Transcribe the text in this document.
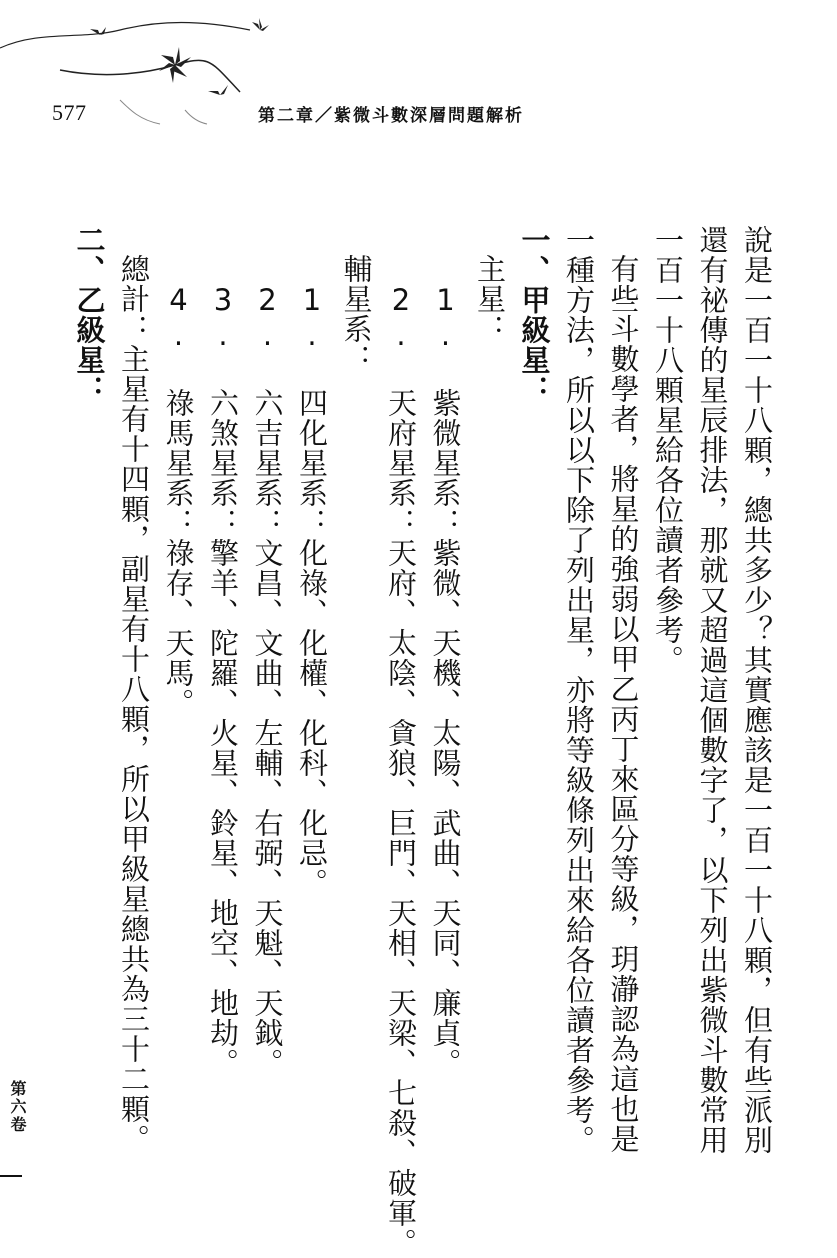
577	第二章／紫微斗數深層問題解析
說是一百一十八顆，總共多少？其實應該是一百一十八顆，但有些派別
還有祕傳的星辰排法，那就又超過這個數字了，以下列出紫微斗數常用
一百一十八顆星給各位讀者參考。
有些斗數學者，將星的強弱以甲乙丙丁來區分等級，玥瀞認為這也是
一種方法，所以以下除了列出星，亦將等級條列出來給各位讀者參考。
一、甲級星：
主星：
1. 紫微星系：紫微、天機、太陽、武曲、天同、廉貞。
2. 天府星系：天府、太陰、貪狼、巨門、天相、天梁、七殺、破軍。
輔星系：
1. 四化星系：化祿、化權、化科、化忌。
2. 六吉星系：文昌、文曲、左輔、右弼、天魁、天鉞。
3. 六煞星系：擎羊、陀羅、火星、鈴星、地空、地劫。
4. 祿馬星系：祿存、天馬。
總計：主星有十四顆，副星有十八顆，所以甲級星總共為三十二顆。
二、乙級星：
第六卷
